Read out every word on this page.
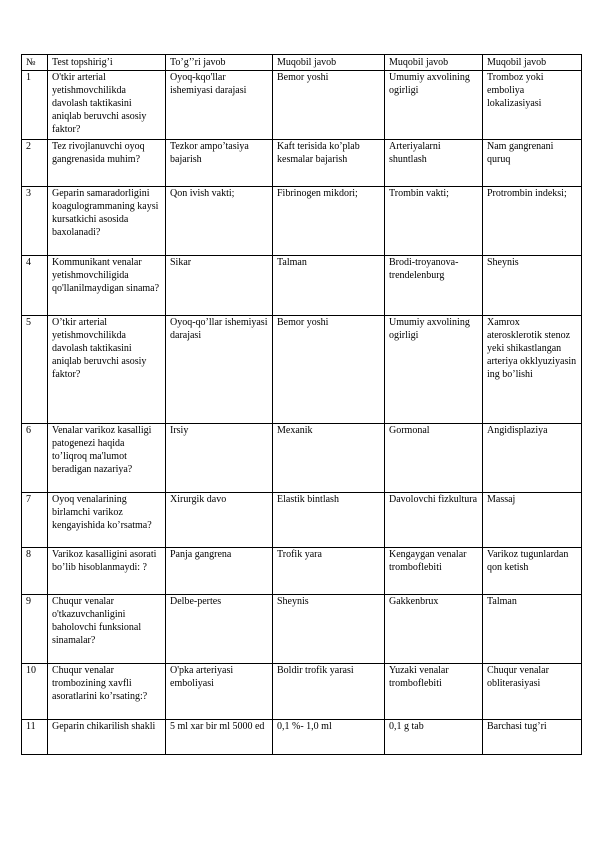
№	Test topshirig’i	To’g’’ri javob	Muqobil javob	Muqobil javob	Muqobil javob
1	O'tkir arterial yetishmovchilikda davolash taktikasini aniqlab beruvchi asosiy faktor?	Oyoq-kqo'llar ishemiyasi darajasi	Bemor yoshi	Umumiy axvolining ogirligi	Tromboz yoki emboliya lokalizasiyasi
2	Tez rivojlanuvchi oyoq gangrenasida muhim?	Tezkor ampo’tasiya bajarish	Kaft terisida ko’plab kesmalar bajarish	Arteriyalarni shuntlash	Nam gangrenani quruq
3	Geparin samaradorligini koagulogrammaning kaysi kursatkichi asosida baxolanadi?	Qon ivish vakti;	Fibrinogen mikdori;	Trombin vakti;	Protrombin indeksi;
4	Kommunikant venalar yetishmovchiligida qo'llanilmaydigan sinama?	Sikar	Talman	Brodi-troyanova-trendelenburg	Sheynis
5	O’tkir arterial yetishmovchilikda davolash taktikasini aniqlab beruvchi asosiy faktor?	Oyoq-qo’llar ishemiyasi darajasi	Bemor yoshi	Umumiy axvolining ogirligi	Xamrox aterosklerotik stenoz yeki shikastlangan arteriya okklyuziyasin ing bo’lishi
6	Venalar varikoz kasalligi patogenezi haqida to’liqroq ma'lumot beradigan nazariya?	Irsiy	Mexanik	Gormonal	Angidisplaziya
7	Oyoq venalarining birlamchi varikoz kengayishida ko’rsatma?	Xirurgik davo	Elastik bintlash	Davolovchi fizkultura	Massaj
8	Varikoz kasalligini asorati bo’lib hisoblanmaydi: ?	Panja gangrena	Trofik yara	Kengaygan venalar tromboflebiti	Varikoz tugunlardan qon ketish
9	Chuqur venalar o'tkazuvchanligini baholovchi funksional sinamalar?	Delbe-pertes	Sheynis	Gakkenbrux	Talman
10	Chuqur venalar trombozining xavfli asoratlarini ko’rsating:?	O'pka arteriyasi emboliyasi	Boldir trofik yarasi	Yuzaki venalar tromboflebiti	Chuqur venalar obliterasiyasi
11	Geparin chikarilish shakli	5 ml xar bir ml 5000 ed	0,1 %- 1,0 ml	0,1 g tab	Barchasi tug’ri
